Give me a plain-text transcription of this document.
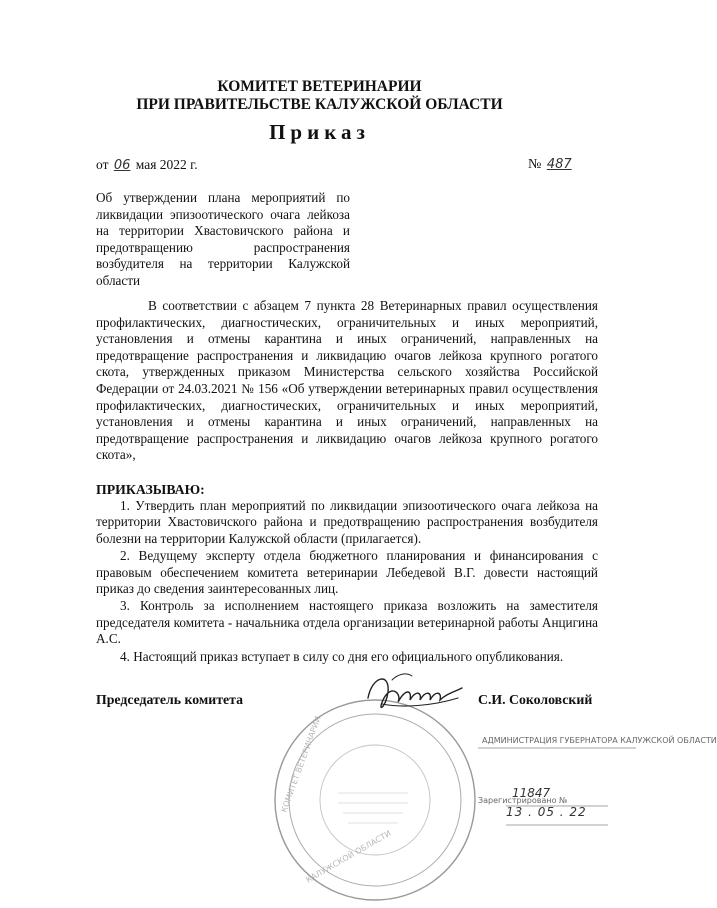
КОМИТЕТ ВЕТЕРИНАРИИ
ПРИ ПРАВИТЕЛЬСТВЕ КАЛУЖСКОЙ ОБЛАСТИ
Приказ
от 06 мая 2022 г.	№ 487
Об утверждении плана мероприятий по ликвидации эпизоотического очага лейкоза на территории Хвастовичского района и предотвращению распространения возбудителя на территории Калужской области

В соответствии с абзацем 7 пункта 28 Ветеринарных правил осуществления профилактических, диагностических, ограничительных и иных мероприятий, установления и отмены карантина и иных ограничений, направленных на предотвращение распространения и ликвидацию очагов лейкоза крупного рогатого скота, утвержденных приказом Министерства сельского хозяйства Российской Федерации от 24.03.2021 № 156 «Об утверждении ветеринарных правил осуществления профилактических, диагностических, ограничительных и иных мероприятий, установления и отмены карантина и иных ограничений, направленных на предотвращение распространения и ликвидацию очагов лейкоза крупного рогатого скота»,

ПРИКАЗЫВАЮ:

1. Утвердить план мероприятий по ликвидации эпизоотического очага лейкоза на территории Хвастовичского района и предотвращению распространения возбудителя болезни на территории Калужской области (прилагается).

2. Ведущему эксперту отдела бюджетного планирования и финансирования с правовым обеспечением комитета ветеринарии Лебедевой В.Г. довести настоящий приказ до сведения заинтересованных лиц.

3. Контроль за исполнением настоящего приказа возложить на заместителя председателя комитета - начальника отдела организации ветеринарной работы Анцигина А.С.

4. Настоящий приказ вступает в силу со дня его официального опубликования.

Председатель комитета	С.И. Соколовский
КОМИТЕТ ВЕТЕРИНАРИИ
КАЛУЖСКОЙ ОБЛАСТИ
АДМИНИСТРАЦИЯ ГУБЕРНАТОРА КАЛУЖСКОЙ ОБЛАСТИ
Зарегистрировано №
11847
13 . 05 . 22
